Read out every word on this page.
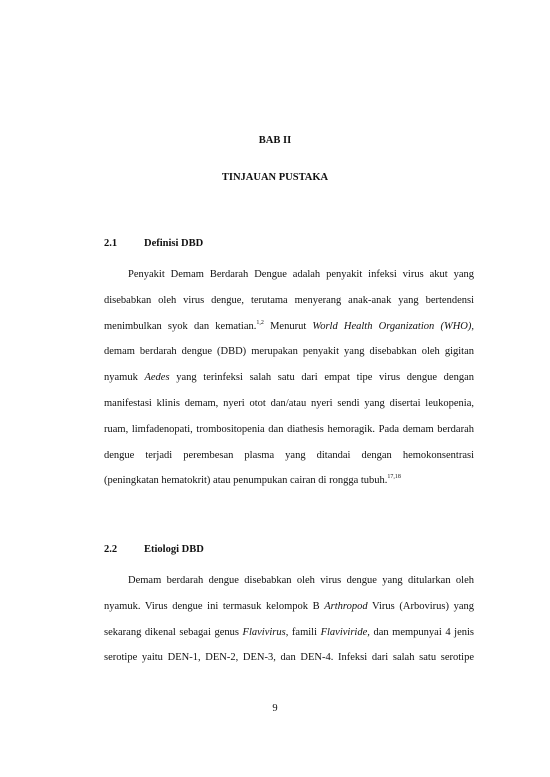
BAB II
TINJAUAN PUSTAKA
2.1	Definisi DBD
Penyakit Demam Berdarah Dengue adalah penyakit infeksi virus akut yang
disebabkan oleh virus dengue, terutama menyerang anak-anak yang bertendensi
menimbulkan syok dan kematian.$^{1,2}$ Menurut World Health Organization (WHO),
demam berdarah dengue (DBD) merupakan penyakit yang disebabkan oleh gigitan
nyamuk Aedes yang terinfeksi salah satu dari empat tipe virus dengue dengan
manifestasi klinis demam, nyeri otot dan/atau nyeri sendi yang disertai leukopenia,
ruam, limfadenopati, trombositopenia dan diathesis hemoragik. Pada demam berdarah
dengue terjadi perembesan plasma yang ditandai dengan hemokonsentrasi
(peningkatan hematokrit) atau penumpukan cairan di rongga tubuh.$^{17,18}$
2.2	Etiologi DBD
Demam berdarah dengue disebabkan oleh virus dengue yang ditularkan oleh
nyamuk. Virus dengue ini termasuk kelompok B Arthropod Virus (Arbovirus) yang
sekarang dikenal sebagai genus Flavivirus, famili Flaviviride, dan mempunyai 4 jenis
serotipe yaitu DEN-1, DEN-2, DEN-3, dan DEN-4. Infeksi dari salah satu serotipe
9
